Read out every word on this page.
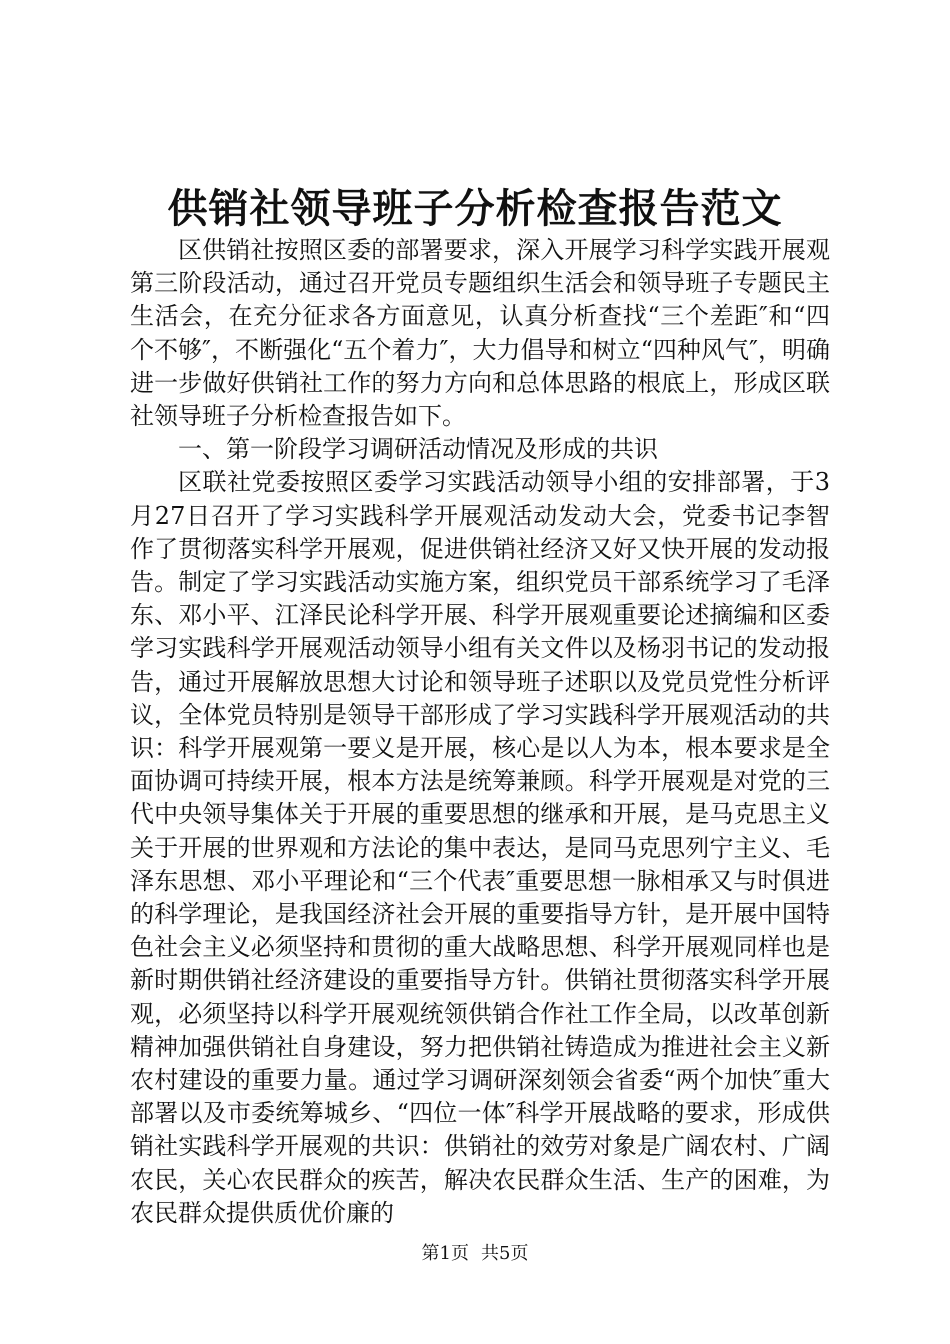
供销社领导班子分析检查报告范文

区供销社按照区委的部署要求，深入开展学习科学实践开展观第三阶段活动，通过召开党员专题组织生活会和领导班子专题民主生活会，在充分征求各方面意见，认真分析查找“三个差距″和“四个不够″，不断强化“五个着力″，大力倡导和树立“四种风气″，明确进一步做好供销社工作的努力方向和总体思路的根底上，形成区联社领导班子分析检查报告如下。

一、第一阶段学习调研活动情况及形成的共识

区联社党委按照区委学习实践活动领导小组的安排部署，于3月27日召开了学习实践科学开展观活动发动大会，党委书记李智作了贯彻落实科学开展观，促进供销社经济又好又快开展的发动报告。制定了学习实践活动实施方案，组织党员干部系统学习了毛泽东、邓小平、江泽民论科学开展、科学开展观重要论述摘编和区委学习实践科学开展观活动领导小组有关文件以及杨羽书记的发动报告，通过开展解放思想大讨论和领导班子述职以及党员党性分析评议，全体党员特别是领导干部形成了学习实践科学开展观活动的共识：科学开展观第一要义是开展，核心是以人为本，根本要求是全面协调可持续开展，根本方法是统筹兼顾。科学开展观是对党的三代中央领导集体关于开展的重要思想的继承和开展，是马克思主义关于开展的世界观和方法论的集中表达，是同马克思列宁主义、毛泽东思想、邓小平理论和“三个代表″重要思想一脉相承又与时俱进的科学理论，是我国经济社会开展的重要指导方针，是开展中国特色社会主义必须坚持和贯彻的重大战略思想、科学开展观同样也是新时期供销社经济建设的重要指导方针。供销社贯彻落实科学开展观，必须坚持以科学开展观统领供销合作社工作全局，以改革创新精神加强供销社自身建设，努力把供销社铸造成为推进社会主义新农村建设的重要力量。通过学习调研深刻领会省委“两个加快″重大部署以及市委统筹城乡、“四位一体″科学开展战略的要求，形成供销社实践科学开展观的共识：供销社的效劳对象是广阔农村、广阔农民，关心农民群众的疾苦，解决农民群众生活、生产的困难，为农民群众提供质优价廉的

第1页 共5页
